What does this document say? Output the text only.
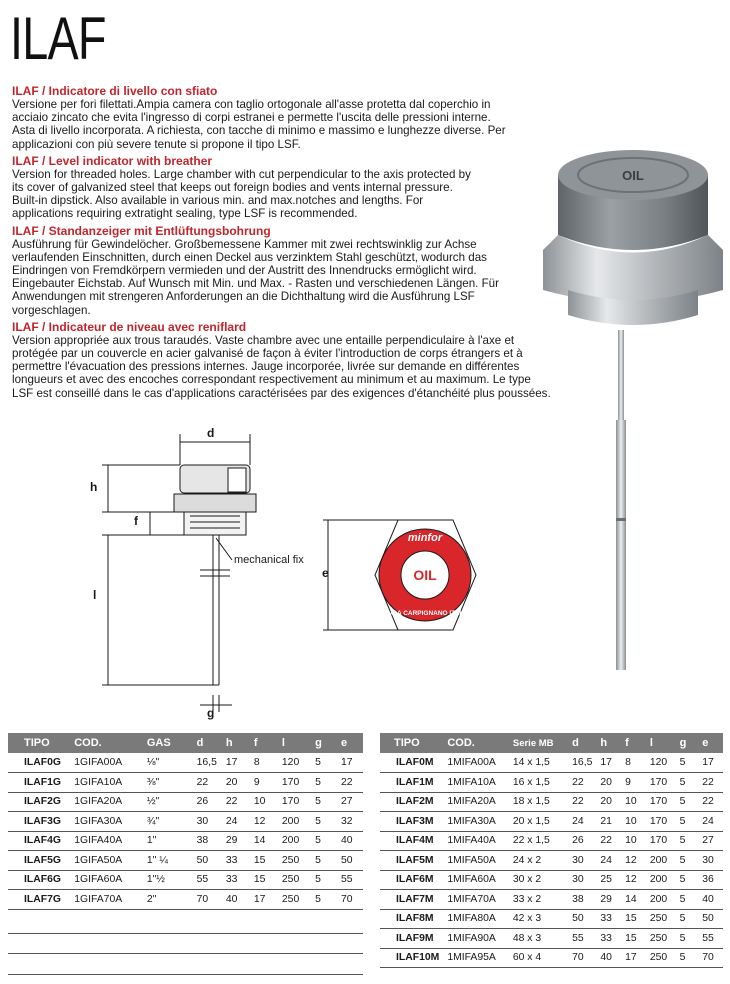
ILAF
ILAF / Indicatore di livello con sfiato
Versione per fori filettati.Ampia camera con taglio ortogonale all'asse protetta dal coperchio in acciaio zincato che evita l'ingresso di corpi estranei e permette l'uscita delle pressioni interne. Asta di livello incorporata. A richiesta, con tacche di minimo e massimo e lunghezze diverse. Per applicazioni con più severe tenute si propone il tipo LSF.
ILAF / Level indicator with breather
Version for threaded holes. Large chamber with cut perpendicular to the axis protected by its cover of galvanized steel that keeps out foreign bodies and vents internal pressure. Built-in dipstick. Also available in various min. and max.notches and lengths. For applications requiring extratight sealing, type LSF is recommended.
ILAF / Standanzeiger mit Entlüftungsbohrung
Ausführung für Gewindelöcher. Großbemessene Kammer mit zwei rechtswinklig zur Achse verlaufenden Einschnitten, durch einen Deckel aus verzinktem Stahl geschützt, wodurch das Eindringen von Fremdkörpern vermieden und der Austritt des Innendrucks ermöglicht wird. Eingebauter Eichstab. Auf Wunsch mit Min. und Max. - Rasten und verschiedenen Längen. Für Anwendungen mit strengeren Anforderungen an die Dichthaltung wird die Ausführung LSF vorgeschlagen.
ILAF / Indicateur de niveau avec reniflard
Version appropriée aux trous taraudés. Vaste chambre avec une entaille perpendiculaire à l'axe et protégée par un couvercle en acier galvanisé de façon à éviter l'introduction de corps étrangers et à permettre l'évacuation des pressions internes. Jauge incorporée, livrée sur demande en différentes longueurs et avec des encoches correspondant respectivement au minimum et au maximum. Le type LSF est conseillé dans le cas d'applications caractérisées par des exigences d'étanchéité plus poussées.
OIL
d
h
f
l
g
mechanical fix
OIL
minfor
CURA CARPIGNANO ITALY
e
TIPO	COD.	GAS	d	h	f	l	g	e
ILAF0G	1GIFA00A	⅛"	16,5	17	8	120	5	17
ILAF1G	1GIFA10A	⅜"	22	20	9	170	5	22
ILAF2G	1GIFA20A	½"	26	22	10	170	5	27
ILAF3G	1GIFA30A	¾"	30	24	12	200	5	32
ILAF4G	1GIFA40A	1"	38	29	14	200	5	40
ILAF5G	1GIFA50A	1" ¼	50	33	15	250	5	50
ILAF6G	1GIFA60A	1"½	55	33	15	250	5	55
ILAF7G	1GIFA70A	2"	70	40	17	250	5	70
TIPO	COD.	Serie MB	d	h	f	l	g	e
ILAF0M	1MIFA00A	14 x 1,5	16,5	17	8	120	5	17
ILAF1M	1MIFA10A	16 x 1,5	22	20	9	170	5	22
ILAF2M	1MIFA20A	18 x 1,5	22	20	10	170	5	22
ILAF3M	1MIFA30A	20 x 1,5	24	21	10	170	5	24
ILAF4M	1MIFA40A	22 x 1,5	26	22	10	170	5	27
ILAF5M	1MIFA50A	24 x 2	30	24	12	200	5	30
ILAF6M	1MIFA60A	30 x 2	30	25	12	200	5	36
ILAF7M	1MIFA70A	33 x 2	38	29	14	200	5	40
ILAF8M	1MIFA80A	42 x 3	50	33	15	250	5	50
ILAF9M	1MIFA90A	48 x 3	55	33	15	250	5	55
ILAF10M	1MIFA95A	60 x 4	70	40	17	250	5	70
